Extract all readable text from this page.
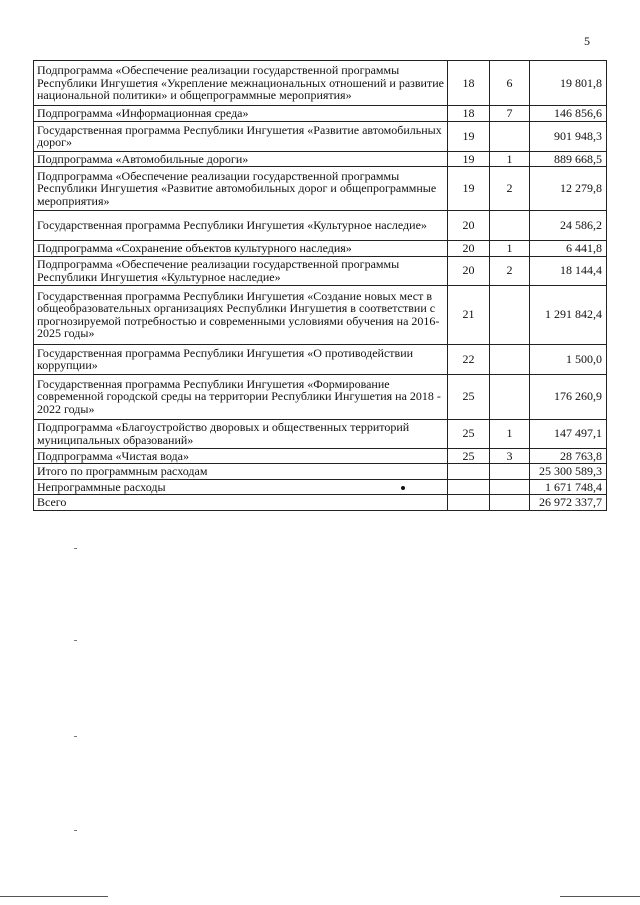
5
Подпрограмма «Обеспечение реализации государственной программы Республики Ингушетия «Укрепление межнациональных отношений и развитие национальной политики» и общепрограммные мероприятия»	18	6	19 801,8
Подпрограмма «Информационная среда»	18	7	146 856,6
Государственная программа Республики Ингушетия «Развитие автомобильных дорог»	19		901 948,3
Подпрограмма «Автомобильные дороги»	19	1	889 668,5
Подпрограмма «Обеспечение реализации государственной программы Республики Ингушетия «Развитие автомобильных дорог и общепрограммные мероприятия»	19	2	12 279,8
Государственная программа Республики Ингушетия «Культурное наследие»	20		24 586,2
Подпрограмма «Сохранение объектов культурного наследия»	20	1	6 441,8
Подпрограмма «Обеспечение реализации государственной программы Республики Ингушетия «Культурное наследие»	20	2	18 144,4
Государственная программа Республики Ингушетия «Создание новых мест в общеобразовательных организациях Республики Ингушетия в соответствии с прогнозируемой потребностью и современными условиями обучения на 2016-2025 годы»	21		1 291 842,4
Государственная программа Республики Ингушетия «О противодействии коррупции»	22		1 500,0
Государственная программа Республики Ингушетия «Формирование современной городской среды на территории Республики Ингушетия на 2018 - 2022 годы»	25		176 260,9
Подпрограмма «Благоустройство дворовых и общественных территорий муниципальных образований»	25	1	147 497,1
Подпрограмма «Чистая вода»	25	3	28 763,8
Итого по программным расходам			25 300 589,3
Непрограммные расходы			1 671 748,4
Всего			26 972 337,7
